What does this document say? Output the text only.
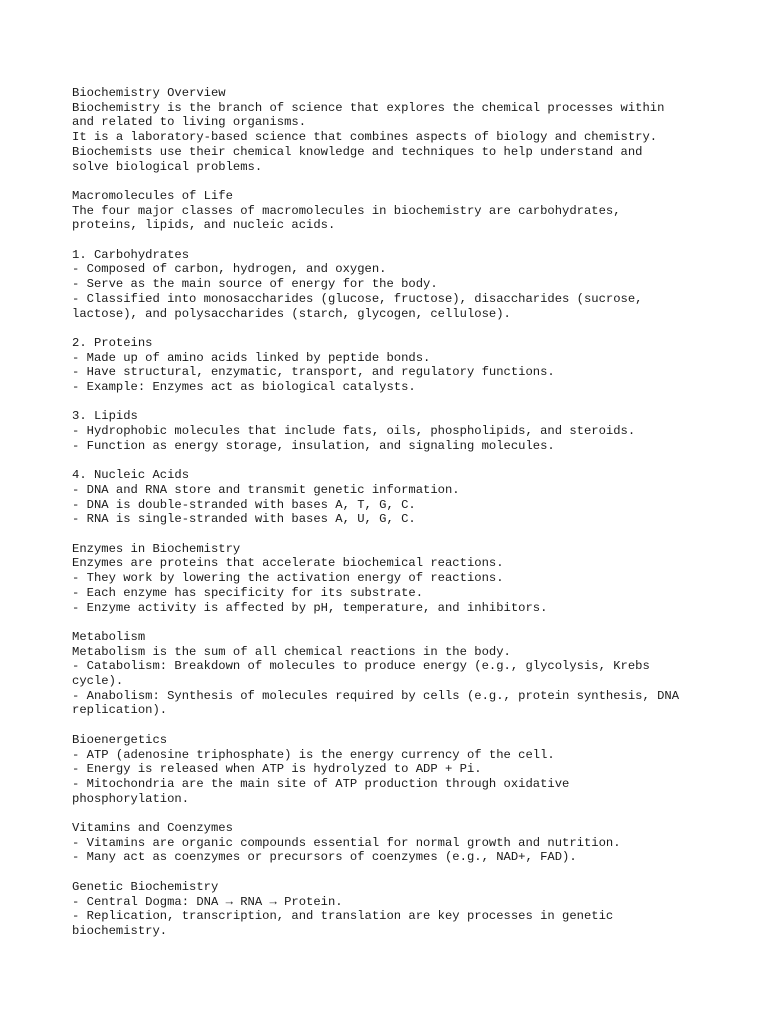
Biochemistry Overview
Biochemistry is the branch of science that explores the chemical processes within
and related to living organisms.
It is a laboratory-based science that combines aspects of biology and chemistry.
Biochemists use their chemical knowledge and techniques to help understand and
solve biological problems.
Macromolecules of Life
The four major classes of macromolecules in biochemistry are carbohydrates,
proteins, lipids, and nucleic acids.
1. Carbohydrates
- Composed of carbon, hydrogen, and oxygen.
- Serve as the main source of energy for the body.
- Classified into monosaccharides (glucose, fructose), disaccharides (sucrose,
lactose), and polysaccharides (starch, glycogen, cellulose).
2. Proteins
- Made up of amino acids linked by peptide bonds.
- Have structural, enzymatic, transport, and regulatory functions.
- Example: Enzymes act as biological catalysts.
3. Lipids
- Hydrophobic molecules that include fats, oils, phospholipids, and steroids.
- Function as energy storage, insulation, and signaling molecules.
4. Nucleic Acids
- DNA and RNA store and transmit genetic information.
- DNA is double-stranded with bases A, T, G, C.
- RNA is single-stranded with bases A, U, G, C.
Enzymes in Biochemistry
Enzymes are proteins that accelerate biochemical reactions.
- They work by lowering the activation energy of reactions.
- Each enzyme has specificity for its substrate.
- Enzyme activity is affected by pH, temperature, and inhibitors.
Metabolism
Metabolism is the sum of all chemical reactions in the body.
- Catabolism: Breakdown of molecules to produce energy (e.g., glycolysis, Krebs
cycle).
- Anabolism: Synthesis of molecules required by cells (e.g., protein synthesis, DNA
replication).
Bioenergetics
- ATP (adenosine triphosphate) is the energy currency of the cell.
- Energy is released when ATP is hydrolyzed to ADP + Pi.
- Mitochondria are the main site of ATP production through oxidative
phosphorylation.
Vitamins and Coenzymes
- Vitamins are organic compounds essential for normal growth and nutrition.
- Many act as coenzymes or precursors of coenzymes (e.g., NAD+, FAD).
Genetic Biochemistry
- Central Dogma: DNA → RNA → Protein.
- Replication, transcription, and translation are key processes in genetic
biochemistry.
